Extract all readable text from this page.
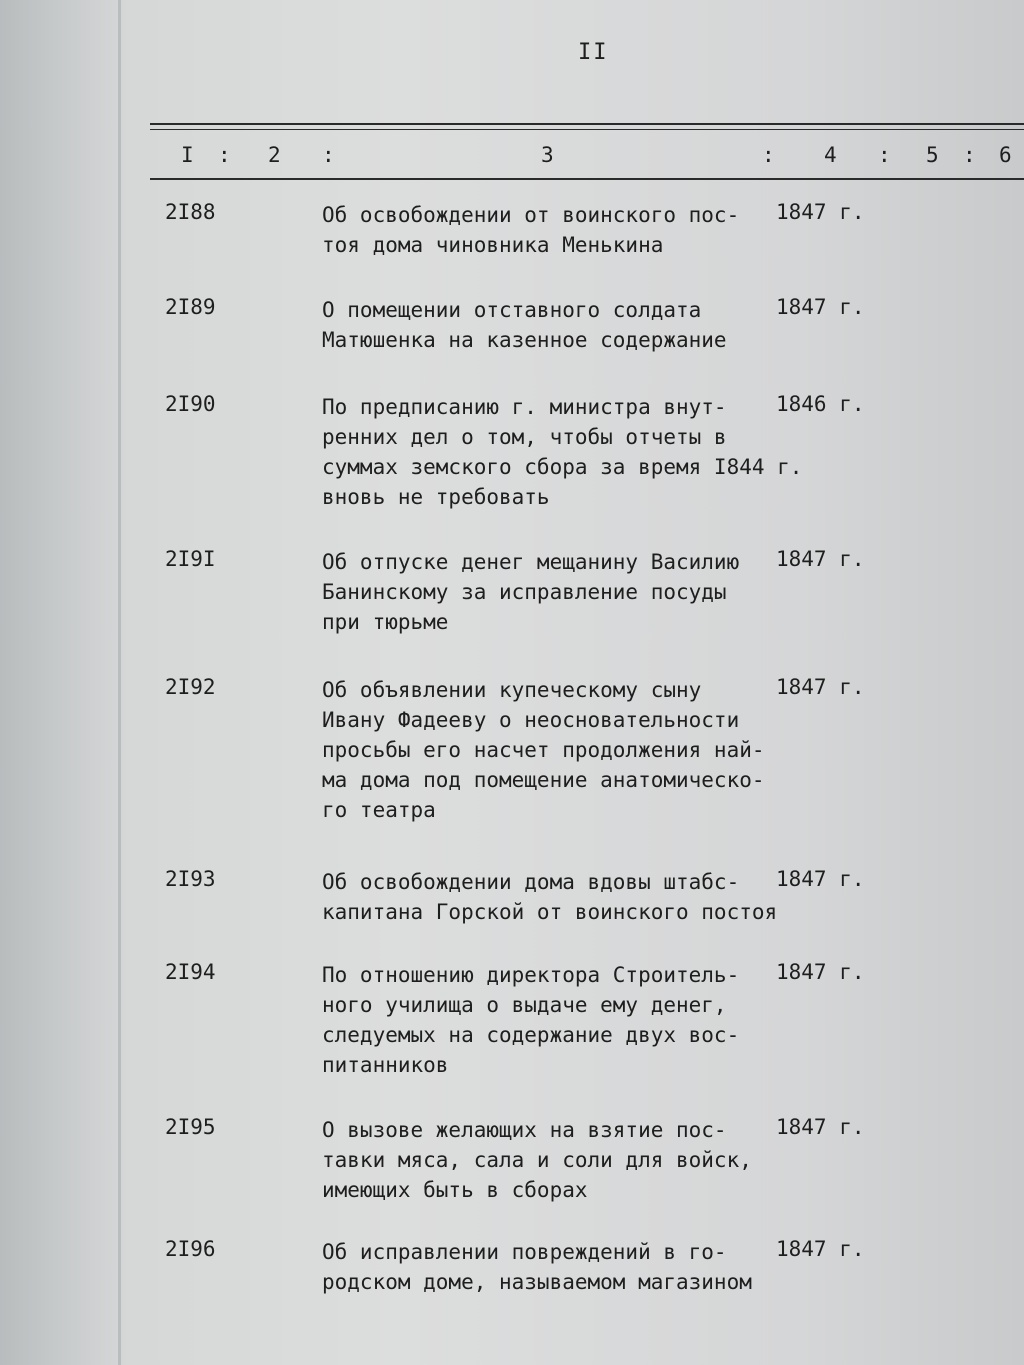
II
I : 2 :	3	: 4 : 5 : 6
2I88	Об освобождении от воинского пос-
тоя дома чиновника Менькина
1847 г.
2I89	О помещении отставного солдата
Матюшенка на казенное содержание
1847 г.
2I90	По предписанию г. министра внут-
ренних дел о том, чтобы отчеты в
суммах земского сбора за время I844 г.
вновь не требовать
1846 г.
2I9I	Об отпуске денег мещанину Василию
Банинскому за исправление посуды
при тюрьме
1847 г.
2I92	Об объявлении купеческому сыну
Ивану Фадееву о неосновательности
просьбы его насчет продолжения най-
ма дома под помещение анатомическо-
го театра
1847 г.
2I93	Об освобождении дома вдовы штабс-
капитана Горской от воинского постоя
1847 г.
2I94	По отношению директора Строитель-
ного училища о выдаче ему денег,
следуемых на содержание двух вос-
питанников
1847 г.
2I95	О вызове желающих на взятие пос-
тавки мяса, сала и соли для войск,
имеющих быть в сборах
1847 г.
2I96	Об исправлении повреждений в го-
родском доме, называемом магазином
1847 г.
